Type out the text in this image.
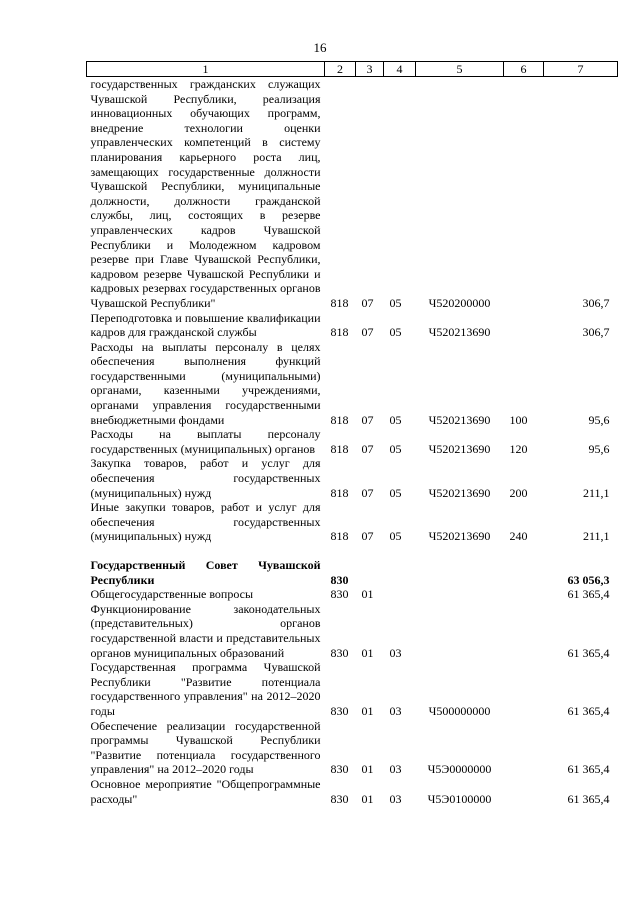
16
1	2	3	4	5	6	7
государственных гражданских служащих Чувашской Республики, реализация инновационных обучающих программ, внедрение технологии оценки управленческих компетенций в систему планирования карьерного роста лиц, замещающих государственные должности Чувашской Республики, муниципальные должности, должности гражданской службы, лиц, состоящих в резерве управленческих кадров Чувашской Республики и Молодежном кадровом резерве при Главе Чувашской Республики, кадровом резерве Чувашской Республики и кадровых резервах государственных органов Чувашской Республики"	818	07	05	Ч520200000		306,7
Переподготовка и повышение квалификации кадров для гражданской службы	818	07	05	Ч520213690		306,7
Расходы на выплаты персоналу в целях обеспечения выполнения функций государственными (муниципальными) органами, казенными учреждениями, органами управления государственными внебюджетными фондами	818	07	05	Ч520213690	100	95,6
Расходы на выплаты персоналу государственных (муниципальных) органов	818	07	05	Ч520213690	120	95,6
Закупка товаров, работ и услуг для обеспечения государственных (муниципальных) нужд	818	07	05	Ч520213690	200	211,1
Иные закупки товаров, работ и услуг для обеспечения государственных (муниципальных) нужд	818	07	05	Ч520213690	240	211,1

Государственный Совет Чувашской Республики	830					63 056,3
Общегосударственные вопросы	830	01				61 365,4
Функционирование законодательных (представительных) органов государственной власти и представительных органов муниципальных образований	830	01	03			61 365,4
Государственная программа Чувашской Республики "Развитие потенциала государственного управления" на 2012–2020 годы	830	01	03	Ч500000000		61 365,4
Обеспечение реализации государственной программы Чувашской Республики "Развитие потенциала государственного управления" на 2012–2020 годы	830	01	03	Ч5Э0000000		61 365,4
Основное мероприятие "Общепрограммные расходы"	830	01	03	Ч5Э0100000		61 365,4
